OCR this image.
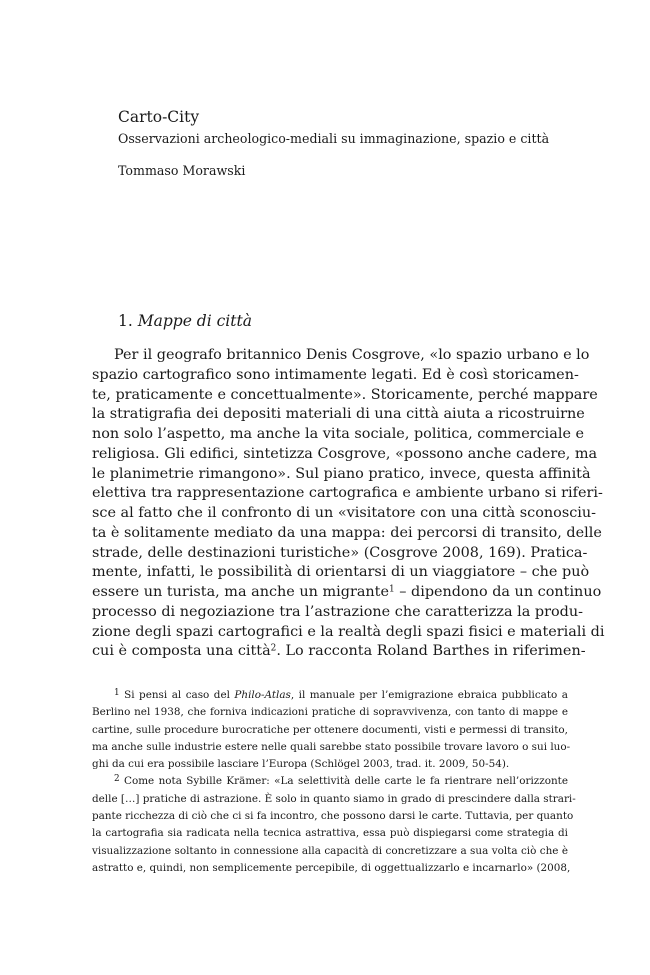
Carto-City
Osservazioni archeologico-mediali su immaginazione, spazio e città
Tommaso Morawski
1. Mappe di città
Per il geografo britannico Denis Cosgrove, «lo spazio urbano e lo
spazio cartografico sono intimamente legati. Ed è così storicamen-
te, praticamente e concettualmente». Storicamente, perché mappare
la stratigrafia dei depositi materiali di una città aiuta a ricostruirne
non solo l’aspetto, ma anche la vita sociale, politica, commerciale e
religiosa. Gli edifici, sintetizza Cosgrove, «possono anche cadere, ma
le planimetrie rimangono». Sul piano pratico, invece, questa affinità
elettiva tra rappresentazione cartografica e ambiente urbano si riferi-
sce al fatto che il confronto di un «visitatore con una città sconosciu-
ta è solitamente mediato da una mappa: dei percorsi di transito, delle
strade, delle destinazioni turistiche» (Cosgrove 2008, 169). Pratica-
mente, infatti, le possibilità di orientarsi di un viaggiatore – che può
essere un turista, ma anche un migrante$^1$ – dipendono da un continuo
processo di negoziazione tra l’astrazione che caratterizza la produ-
zione degli spazi cartografici e la realtà degli spazi fisici e materiali di
cui è composta una città$^2$. Lo racconta Roland Barthes in riferimen-
$^1$ Si pensi al caso del Philo-Atlas, il manuale per l’emigrazione ebraica pubblicato a
Berlino nel 1938, che forniva indicazioni pratiche di sopravvivenza, con tanto di mappe e
cartine, sulle procedure burocratiche per ottenere documenti, visti e permessi di transito,
ma anche sulle industrie estere nelle quali sarebbe stato possibile trovare lavoro o sui luo-
ghi da cui era possibile lasciare l’Europa (Schlögel 2003, trad. it. 2009, 50-54).
$^2$ Come nota Sybille Krämer: «La selettività delle carte le fa rientrare nell’orizzonte
delle […] pratiche di astrazione. È solo in quanto siamo in grado di prescindere dalla strari-
pante ricchezza di ciò che ci si fa incontro, che possono darsi le carte. Tuttavia, per quanto
la cartografia sia radicata nella tecnica astrattiva, essa può dispiegarsi come strategia di
visualizzazione soltanto in connessione alla capacità di concretizzare a sua volta ciò che è
astratto e, quindi, non semplicemente percepibile, di oggettualizzarlo e incarnarlo» (2008,
